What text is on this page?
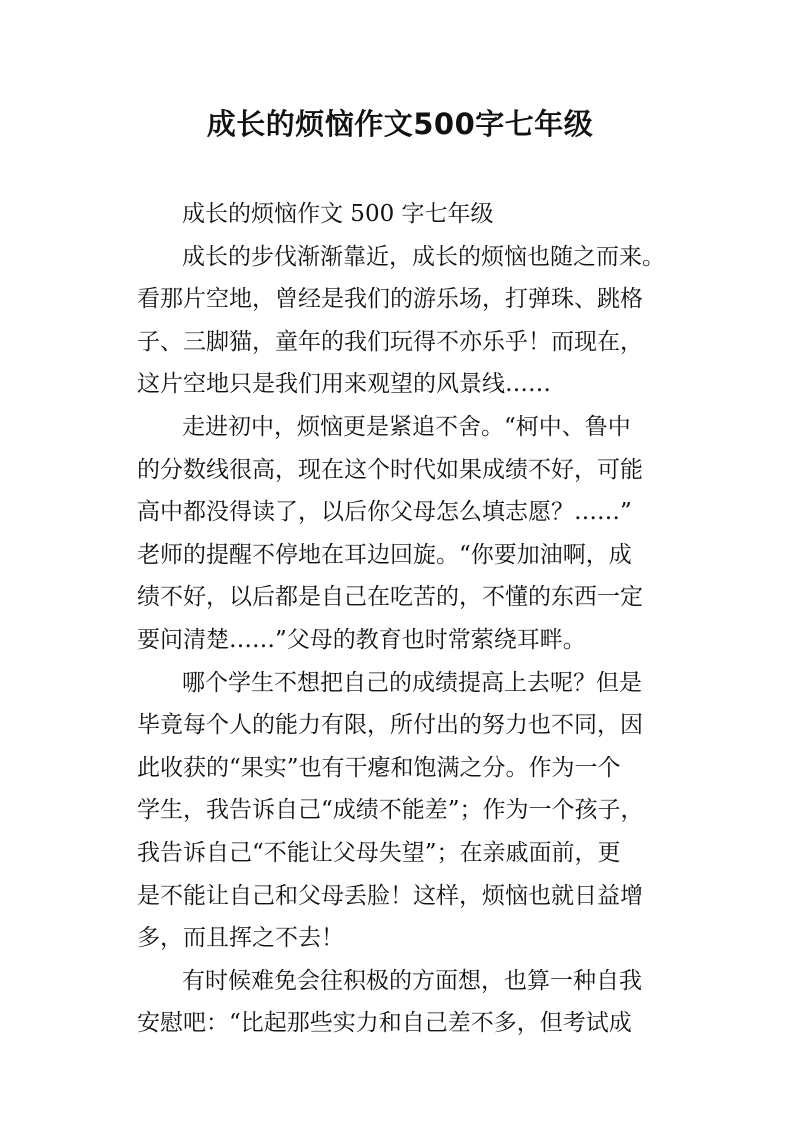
成长的烦恼作文500字七年级
成长的烦恼作文 500 字七年级
成长的步伐渐渐靠近，成长的烦恼也随之而来。
看那片空地，曾经是我们的游乐场，打弹珠、跳格
子、三脚猫，童年的我们玩得不亦乐乎！而现在，
这片空地只是我们用来观望的风景线……
走进初中，烦恼更是紧追不舍。“柯中、鲁中
的分数线很高，现在这个时代如果成绩不好，可能
高中都没得读了，以后你父母怎么填志愿？……”
老师的提醒不停地在耳边回旋。“你要加油啊，成
绩不好，以后都是自己在吃苦的，不懂的东西一定
要问清楚……”父母的教育也时常萦绕耳畔。
哪个学生不想把自己的成绩提高上去呢？但是
毕竟每个人的能力有限，所付出的努力也不同，因
此收获的“果实”也有干瘪和饱满之分。作为一个
学生，我告诉自己“成绩不能差”；作为一个孩子，
我告诉自己“不能让父母失望”；在亲戚面前，更
是不能让自己和父母丢脸！这样，烦恼也就日益增
多，而且挥之不去！
有时候难免会往积极的方面想，也算一种自我
安慰吧：“比起那些实力和自己差不多，但考试成
